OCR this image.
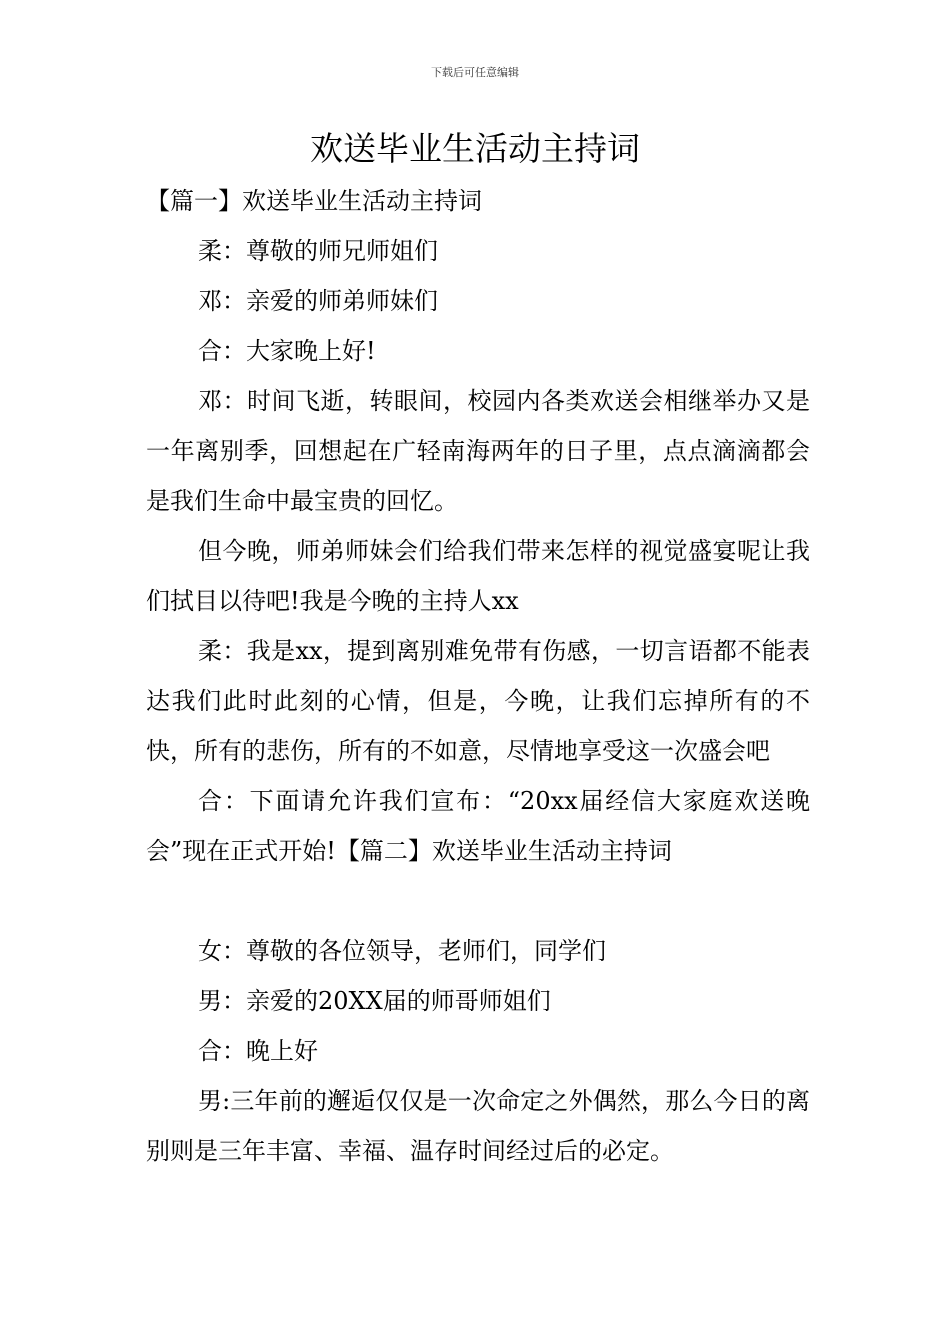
下载后可任意编辑
欢送毕业生活动主持词

【篇一】欢送毕业生活动主持词

柔：尊敬的师兄师姐们

邓：亲爱的师弟师妹们

合：大家晚上好!

邓：时间飞逝，转眼间，校园内各类欢送会相继举办又是一年离别季，回想起在广轻南海两年的日子里，点点滴滴都会是我们生命中最宝贵的回忆。

但今晚，师弟师妹会们给我们带来怎样的视觉盛宴呢让我们拭目以待吧!我是今晚的主持人xx

柔：我是xx，提到离别难免带有伤感，一切言语都不能表达我们此时此刻的心情，但是，今晚，让我们忘掉所有的不快，所有的悲伤，所有的不如意，尽情地享受这一次盛会吧

合：下面请允许我们宣布：“20xx届经信大家庭欢送晚会”现在正式开始!【篇二】欢送毕业生活动主持词

女：尊敬的各位领导，老师们，同学们

男：亲爱的20XX届的师哥师姐们

合：晚上好

男:三年前的邂逅仅仅是一次命定之外偶然，那么今日的离别则是三年丰富、幸福、温存时间经过后的必定。
